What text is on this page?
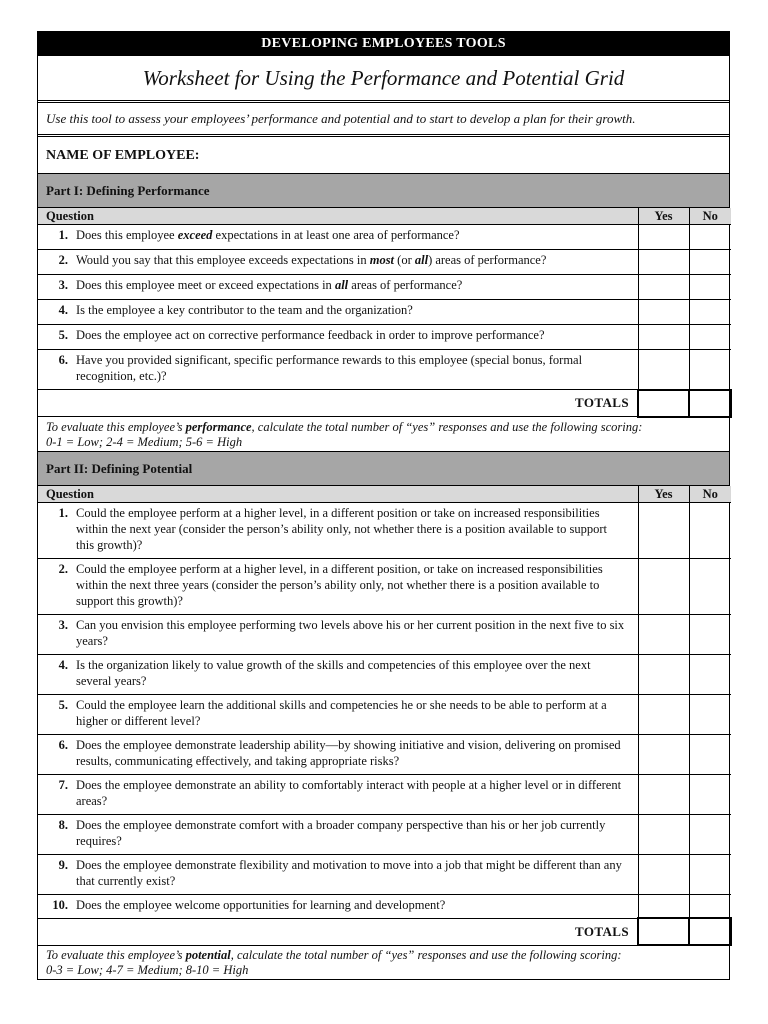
DEVELOPING EMPLOYEES TOOLS
Worksheet for Using the Performance and Potential Grid
Use this tool to assess your employees’ performance and potential and to start to develop a plan for their growth.
NAME OF EMPLOYEE:
Part I: Defining Performance
Question	Yes	No

1. Does this employee exceed expectations in at least one area of performance?		

2. Would you say that this employee exceeds expectations in most (or all) areas of performance?		

3. Does this employee meet or exceed expectations in all areas of performance?		

4. Is the employee a key contributor to the team and the organization?		

5. Does the employee act on corrective performance feedback in order to improve performance?		

6. Have you provided significant, specific performance rewards to this employee (special bonus, formal recognition, etc.)?		

TOTALS		
To evaluate this employee’s performance, calculate the total number of “yes” responses and use the following scoring:
0-1 = Low; 2-4 = Medium; 5-6 = High
Part II: Defining Potential
Question	Yes	No

1. Could the employee perform at a higher level, in a different position or take on increased responsibilities within the next year (consider the person’s ability only, not whether there is a position available to support this growth)?		

2. Could the employee perform at a higher level, in a different position, or take on increased responsibilities within the next three years (consider the person’s ability only, not whether there is a position available to support this growth)?		

3. Can you envision this employee performing two levels above his or her current position in the next five to six years?		

4. Is the organization likely to value growth of the skills and competencies of this employee over the next several years?		

5. Could the employee learn the additional skills and competencies he or she needs to be able to perform at a higher or different level?		

6. Does the employee demonstrate leadership ability—by showing initiative and vision, delivering on promised results, communicating effectively, and taking appropriate risks?		

7. Does the employee demonstrate an ability to comfortably interact with people at a higher level or in different areas?		

8. Does the employee demonstrate comfort with a broader company perspective than his or her job currently requires?		

9. Does the employee demonstrate flexibility and motivation to move into a job that might be different than any that currently exist?		

10. Does the employee welcome opportunities for learning and development?		

TOTALS		
To evaluate this employee’s potential, calculate the total number of “yes” responses and use the following scoring:
0-3 = Low; 4-7 = Medium; 8-10 = High
